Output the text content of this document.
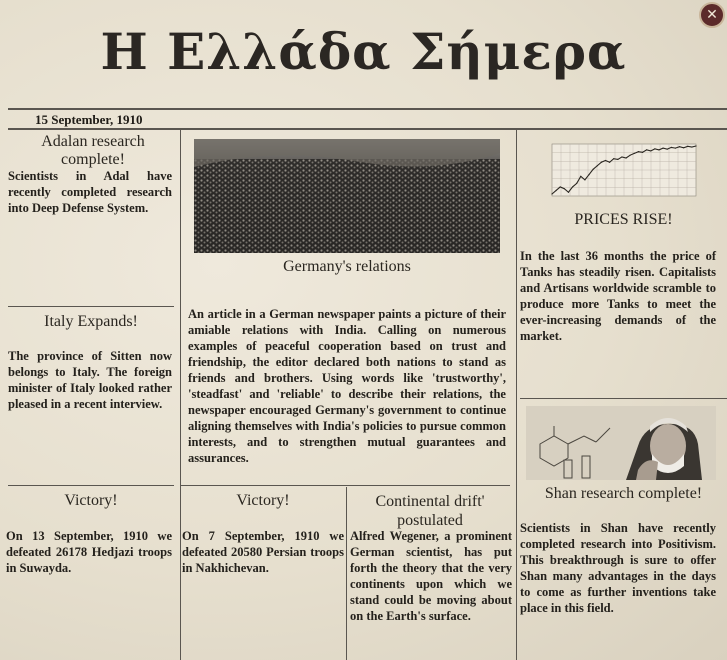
Η Ελλάδα Σήμερα
✕
15 September, 1910
Adalan research complete!
Scientists in Adal have recently completed research into Deep Defense System.
Italy Expands!
The province of Sitten now belongs to Italy. The foreign minister of Italy looked rather pleased in a recent interview.
Victory!
On 13 September, 1910 we defeated 26178 Hedjazi troops in Suwayda.
Germany's relations
An article in a German newspaper paints a picture of their amiable relations with India. Calling on numerous examples of peaceful cooperation based on trust and friendship, the editor declared both nations to stand as friends and brothers. Using words like 'trustworthy', 'steadfast' and 'reliable' to describe their relations, the newspaper encouraged Germany's government to continue aligning themselves with India's policies to pursue common interests, and to strengthen mutual guarantees and assurances.
Victory!
On 7 September, 1910 we defeated 20580 Persian troops in Nakhichevan.
Continental drift' postulated
Alfred Wegener, a prominent German scientist, has put forth the theory that the very continents upon which we stand could be moving about on the Earth's surface.
PRICES RISE!
In the last 36 months the price of Tanks has steadily risen. Capitalists and Artisans worldwide scramble to produce more Tanks to meet the ever-increasing demands of the market.
Shan research complete!
Scientists in Shan have recently completed research into Positivism. This breakthrough is sure to offer Shan many advantages in the days to come as further inventions take place in this field.
